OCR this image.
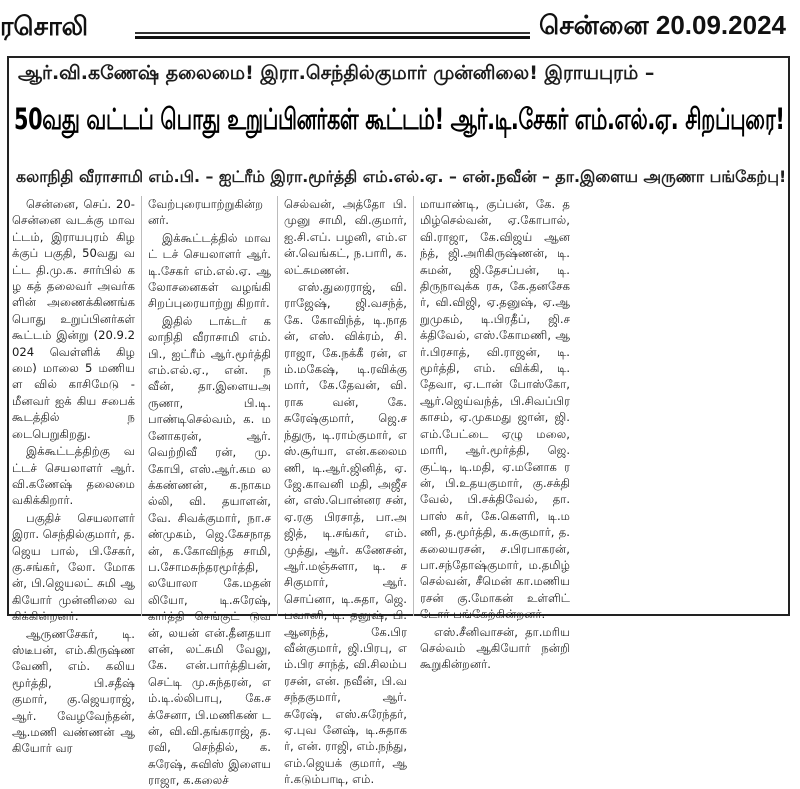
ரசொலி	சென்னை 20.09.2024
ஆர்.வி.கணேஷ் தலைமை! இரா.செந்தில்குமார் முன்னிலை! இராயபுரம் –
50வது வட்டப் பொது உறுப்பினர்கள் கூட்டம்! ஆர்.டி.சேகர் எம்.எல்.ஏ. சிறப்புரை!
கலாநிதி வீராசாமி எம்.பி. – ஐட்ரீம் இரா.மூர்த்தி எம்.எல்.ஏ. – என்.நவீன் – தா.இளைய அருணா பங்கேற்பு!

சென்னை, செப். 20- சென்னை வடக்கு மாவட்டம், இராயபுரம் கிழக்குப் பகுதி, 50வது வட்ட தி.மு.க. சார்பில் கழ கத் தலைவர் அவர்களின் அணைக்கிணங்க பொது உறுப்பினர்கள் கூட்டம் இன்று (20.9.2024 வெள்ளிக் கிழமை) மாலை 5 மணியள வில் காசிமேடு - மீனவர் ஐக் கிய சபைக் கூடத்தில் நடைபெறுகிறது.

இக்கூட்டத்திற்கு வட்டச் செயலாளர் ஆர்.வி.கணேஷ் தலைமை வகிக்கிறார்.

பகுதிச் செயலாளர் இரா. செந்தில்குமார், த.ஜெய பால், பி.சேகர், கு.சங்கர், லோ. மோகன், பி.ஜெயலட் சுமி ஆகியோர் முன்னிலை வகிக்கின்றனர்.

ஆருணசேகர், டி.ஸ்டீபன், எம்.கிருஷ்ணவேணி, எம். கலியமூர்த்தி, பி.சதீஷ் குமார், கு.ஜெயராஜ், ஆர். வேழவேந்தன், ஆ.மணி வண்ணன் ஆகியோர் வர

வேற்புரையாற்றுகின்றனர்.

இக்கூட்டத்தில் மாவட் டச் செயலாளர் ஆர்.டி.சேகர் எம்.எல்.ஏ. ஆலோசனைகள் வழங்கி சிறப்புரையாற்று கிறார்.

இதில் டாக்டர் கலாநிதி வீராசாமி எம்.பி., ஐட்ரீம் ஆர்.மூர்த்தி எம்.எல்.ஏ., என். நவீன், தா.இளையஅருணா, பி.டி.பாண்டிசெல்வம், க. மனோகரன், ஆர்.வெற்றிவீ ரன், மு.கோபி, எஸ்.ஆர்.கம லக்கண்ணன், க.நாகமல்லி, வி. தயாளன், வே. சிவக்குமார், நா.சண்முகம், ஜெ.கேசநாதன், க.கோவிந்த சாமி, ப.சோமசுந்தரமூர்த்தி, லயோலா கே.மதன் லியோ, டி.சுரேஷ், கார்த்தி செங்குட் டுவன், லயன் என்.தீனதயா ளன், லட்சுமி வேலு, கே. என்.பார்த்திபன், செட்டி மு.சுந்தரன், எம்.டி.ல்லிபாபு, கே.சக்சேனா, பி.மணிகண் டன், வி.வி.தங்கராஜ், த.ரவி, செந்தில், க.சுரேஷ், சுவிஸ் இளையராஜா, க.கலைச்

செல்வன், அத்தோ பி.முனு சாமி, வி.குமார், ஐ.சி.எப். பழனி, எம்.என்.வெங்கட், ந.பாரி, க.லட்சுமணன்.

எஸ்.துரைராஜ், வி. ராஜேஷ், ஜி.வசந்த், கே. கோவிந்த், டி.நாதன், எஸ். விக்ரம், சி.ராஜா, கே.நக்கீ ரன், எம்.மகேஷ், டி.ரவிக்கு மார், கே.தேவன், வி.ராக வன், கே. சுரேஷ்குமார், ஜெ.சந்துரு, டி.ராம்குமார், எஸ்.சூர்யா, என்.கலைமணி, டி.ஆர்.ஜினித், ஏ.ஜே.காவனி மதி, அஜீசன், எஸ்.பொன்னர சன், ஏ.ரகு பிரசாத், பா.அஜித், டி.சங்கர், எம்.முத்து, ஆர். கணேசன், ஆர்.மஞ்சுளா, டி. சசிகுமார், ஆர்.சொப்னா, டி.சுதா, ஜெ.பவானி, டி. தனுஷ், பி. ஆனந்த், கே.பிர வீன்குமார், ஜி.பிரபு, எம்.பிர சாந்த், வி.சிலம்பரசன், என். நவீன், பி.வசந்தகுமார், ஆர். சுரேஷ், எஸ்.சுரேந்தர், ஏ.புவ னேஷ், டி.சுதாகர், என். ராஜி, எம்.நந்து, எம்.ஜெயக் குமார், ஆர்.கடும்பாடி, எம்.

மாயாண்டி, குப்பன், கே. தமிழ்செல்வன், ஏ.கோபால், வி.ராஜா, கே.விஜய் ஆனந்த், ஜி.அரிகிருஷ்ணன், டி.சுமன், ஜி.தேசப்பன், டி.திருநாவுக்க ரசு, கே.தனசேகர், வி.விஜி, ஏ.தனுஷ், ஏ.ஆறுமுகம், டி.பிரதீப், ஜி.சக்திவேல், எஸ்.கோமணி, ஆர்.பிரசாத், வி.ராஜன், டி.மூர்த்தி, எம். விக்கி, டி.தேவா, ஏ.டான் போஸ்கோ, ஆர்.ஜெய்வந்த், பி.சிவப்பிரகாசம், ஏ.முகமது ஜான், ஜி.எம்.பேட்டை ஏழு மலை, மாரி, ஆர்.மூர்த்தி, ஜெ.குட்டி, டி.மதி, ஏ.மனோக ரன், பி.உதயகுமார், கு.சக்தி வேல், பி.சக்திவேல், தா.பாஸ் கர், கே.கௌரி, டி.மணி, த.மூர்த்தி, க.சுகுமார், த. கலையரசன், ச.பிரபாகரன், பா.சந்தோஷ்குமார், ம.தமிழ் செல்வன், சீமென் கா.மணிய ரசன் கு.மோகன் உள்ளிட் டோர் பங்கேற்கின்றனர்.

எஸ்.சீனிவாசன், தா.மரிய செல்வம் ஆகியோர் நன்றி கூறுகின்றனர்.
